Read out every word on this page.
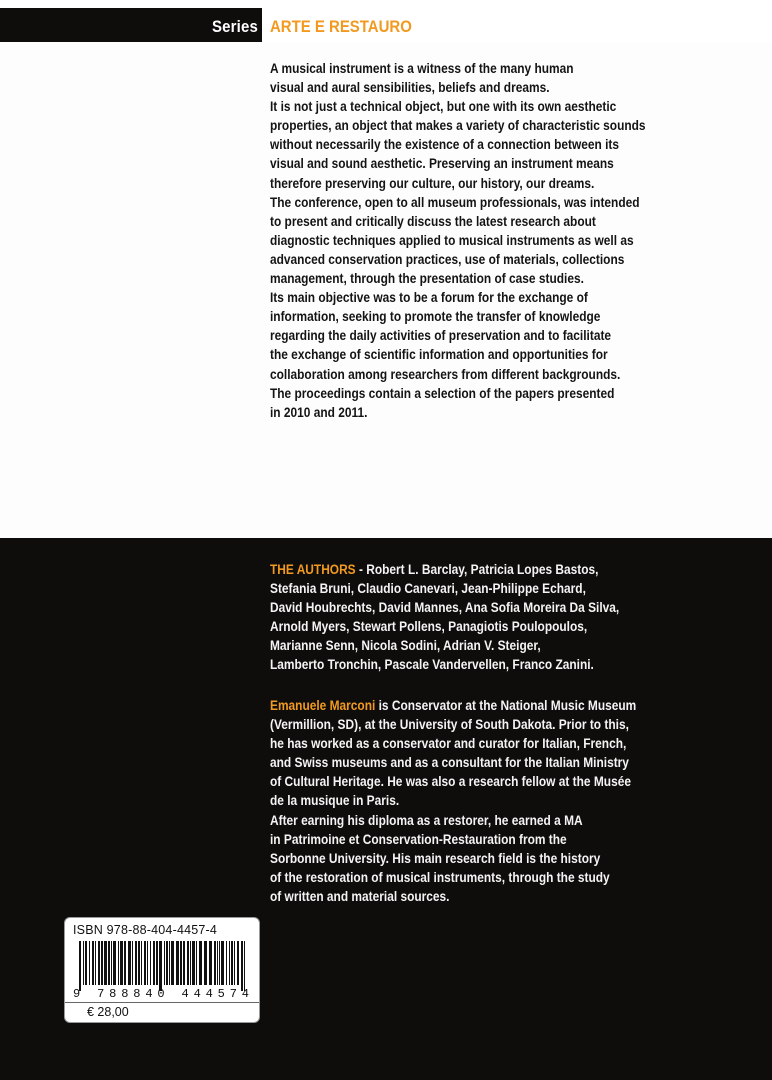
Series ARTE E RESTAURO
A musical instrument is a witness of the many human
visual and aural sensibilities, beliefs and dreams.
It is not just a technical object, but one with its own aesthetic
properties, an object that makes a variety of characteristic sounds
without necessarily the existence of a connection between its
visual and sound aesthetic. Preserving an instrument means
therefore preserving our culture, our history, our dreams.
The conference, open to all museum professionals, was intended
to present and critically discuss the latest research about
diagnostic techniques applied to musical instruments as well as
advanced conservation practices, use of materials, collections
management, through the presentation of case studies.
Its main objective was to be a forum for the exchange of
information, seeking to promote the transfer of knowledge
regarding the daily activities of preservation and to facilitate
the exchange of scientific information and opportunities for
collaboration among researchers from different backgrounds.
The proceedings contain a selection of the papers presented
in 2010 and 2011.
THE AUTHORS - Robert L. Barclay, Patricia Lopes Bastos,
Stefania Bruni, Claudio Canevari, Jean-Philippe Echard,
David Houbrechts, David Mannes, Ana Sofia Moreira Da Silva,
Arnold Myers, Stewart Pollens, Panagiotis Poulopoulos,
Marianne Senn, Nicola Sodini, Adrian V. Steiger,
Lamberto Tronchin, Pascale Vandervellen, Franco Zanini.
Emanuele Marconi is Conservator at the National Music Museum
(Vermillion, SD), at the University of South Dakota. Prior to this,
he has worked as a conservator and curator for Italian, French,
and Swiss museums and as a consultant for the Italian Ministry
of Cultural Heritage. He was also a research fellow at the Musée
de la musique in Paris.
After earning his diploma as a restorer, he earned a MA
in Patrimoine et Conservation-Restauration from the
Sorbonne University. His main research field is the history
of the restoration of musical instruments, through the study
of written and material sources.
ISBN 978-88-404-4457-4
9 788840 444574
€ 28,00
